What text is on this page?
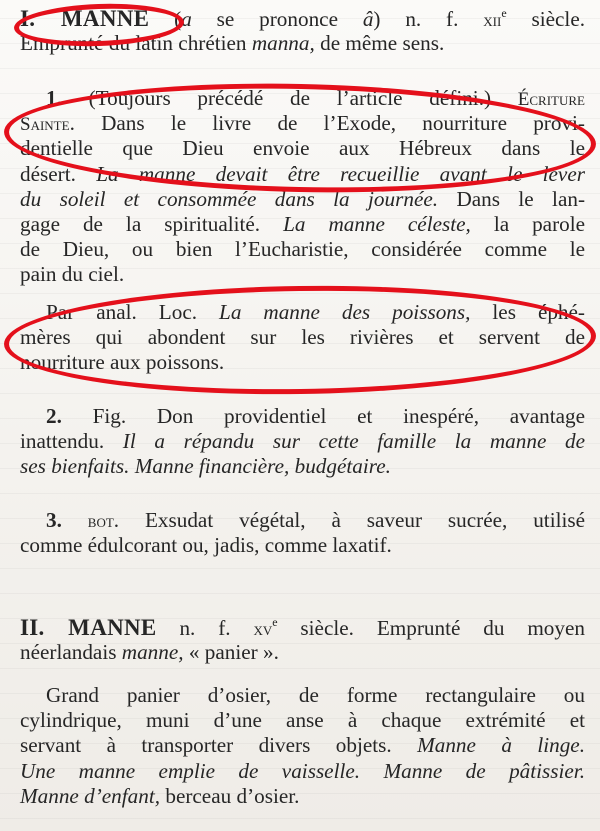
I. MANNE (a se prononce â) n. f. xii$^e$ siècle.
Emprunté du latin chrétien manna, de même sens.
1. (Toujours précédé de l’article défini.) Écriture
Sainte. Dans le livre de l’Exode, nourriture provi-
dentielle que Dieu envoie aux Hébreux dans le
désert. La manne devait être recueillie avant le lever
du soleil et consommée dans la journée. Dans le lan-
gage de la spiritualité. La manne céleste, la parole
de Dieu, ou bien l’Eucharistie, considérée comme le
pain du ciel.
Par anal. Loc. La manne des poissons, les éphé-
mères qui abondent sur les rivières et servent de
nourriture aux poissons.
2. Fig. Don providentiel et inespéré, avantage
inattendu. Il a répandu sur cette famille la manne de
ses bienfaits. Manne financière, budgétaire.
3. bot. Exsudat végétal, à saveur sucrée, utilisé
comme édulcorant ou, jadis, comme laxatif.
II. MANNE n. f. $xv^e$ siècle. Emprunté du moyen
néerlandais manne, « panier ».
Grand panier d’osier, de forme rectangulaire ou
cylindrique, muni d’une anse à chaque extrémité et
servant à transporter divers objets. Manne à linge.
Une manne emplie de vaisselle. Manne de pâtissier.
Manne d’enfant, berceau d’osier.
